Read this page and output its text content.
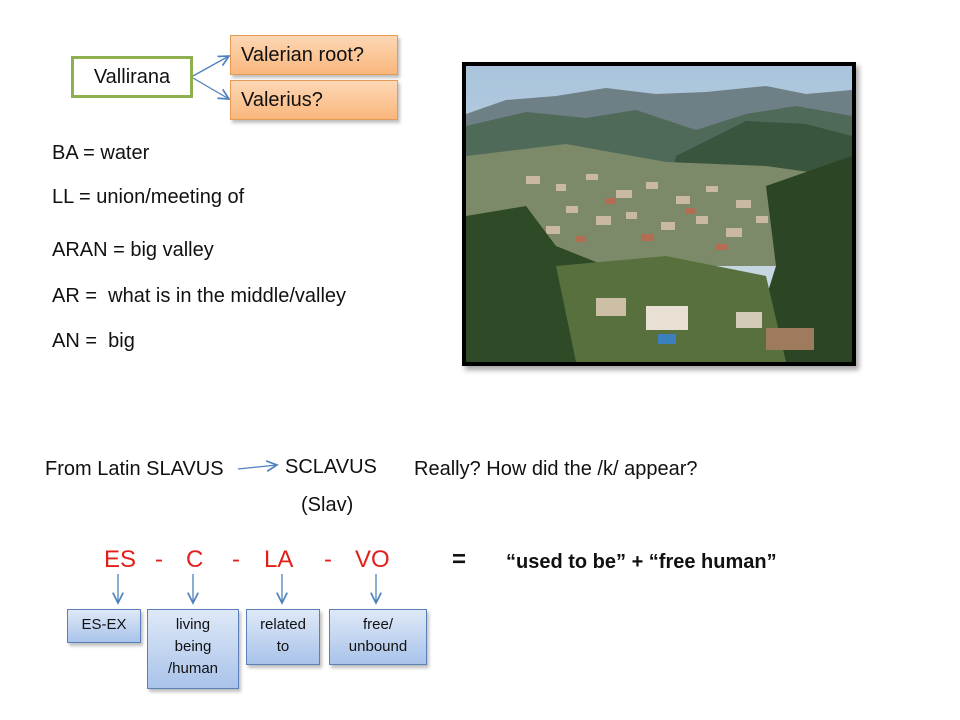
Vallirana
Valerian root?
Valerius?
BA = water
LL = union/meeting of
ARAN = big valley
AR =  what is in the middle/valley
AN =  big
From Latin SLAVUS	SCLAVUS
(Slav)
Really? How did the /k/ appear?
ES - C - LA - VO	= “used to be” + “free human”
ES-EX	living
being
/human
related
to
free/
unbound
